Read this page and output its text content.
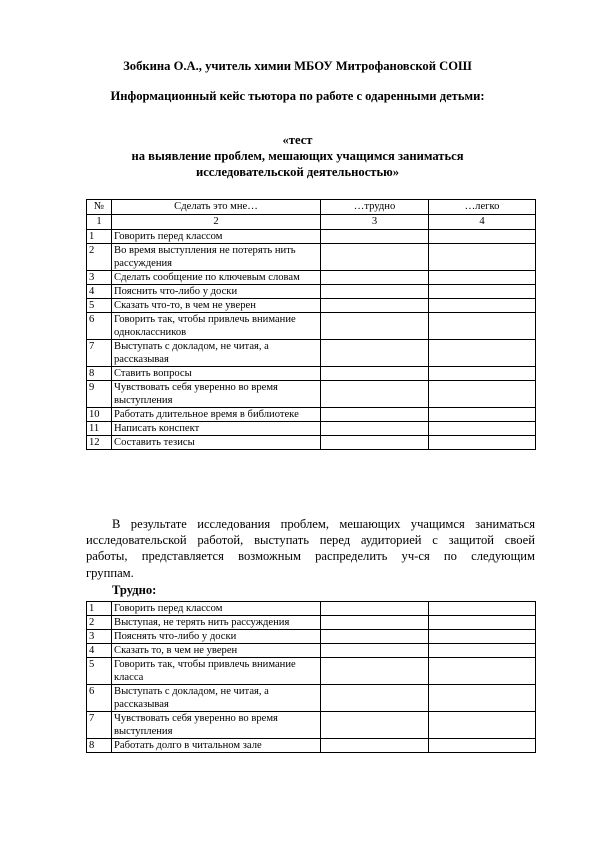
Зобкина О.А., учитель химии МБОУ Митрофановской СОШ
Информационный кейс тьютора по работе с одаренными детьми:
«тест
на выявление проблем, мешающих учащимся заниматься
исследовательской деятельностью»
№	Сделать это мне…	…трудно	…легко
1	2	3	4
1	Говорить перед классом		
2	Во время выступления не потерять нить рассуждения		
3	Сделать сообщение по ключевым словам		
4	Пояснить что-либо у доски		
5	Сказать что-то, в чем не уверен		
6	Говорить так, чтобы привлечь внимание одноклассников		
7	Выступать с докладом, не читая, а рассказывая		
8	Ставить вопросы		
9	Чувствовать себя уверенно во время выступления		
10	Работать длительное время в библиотеке		
11	Написать конспект		
12	Составить тезисы		
В результате исследования проблем, мешающих учащимся заниматься
исследовательской работой, выступать перед аудиторией с защитой своей
работы, представляется возможным распределить уч-ся по следующим
группам.
Трудно:
1	Говорить перед классом		
2	Выступая, не терять нить рассуждения		
3	Пояснять что-либо у доски		
4	Сказать то, в чем не уверен		
5	Говорить так, чтобы привлечь внимание класса		
6	Выступать с докладом, не читая, а рассказывая		
7	Чувствовать себя уверенно во время выступления		
8	Работать долго в читальном зале		
